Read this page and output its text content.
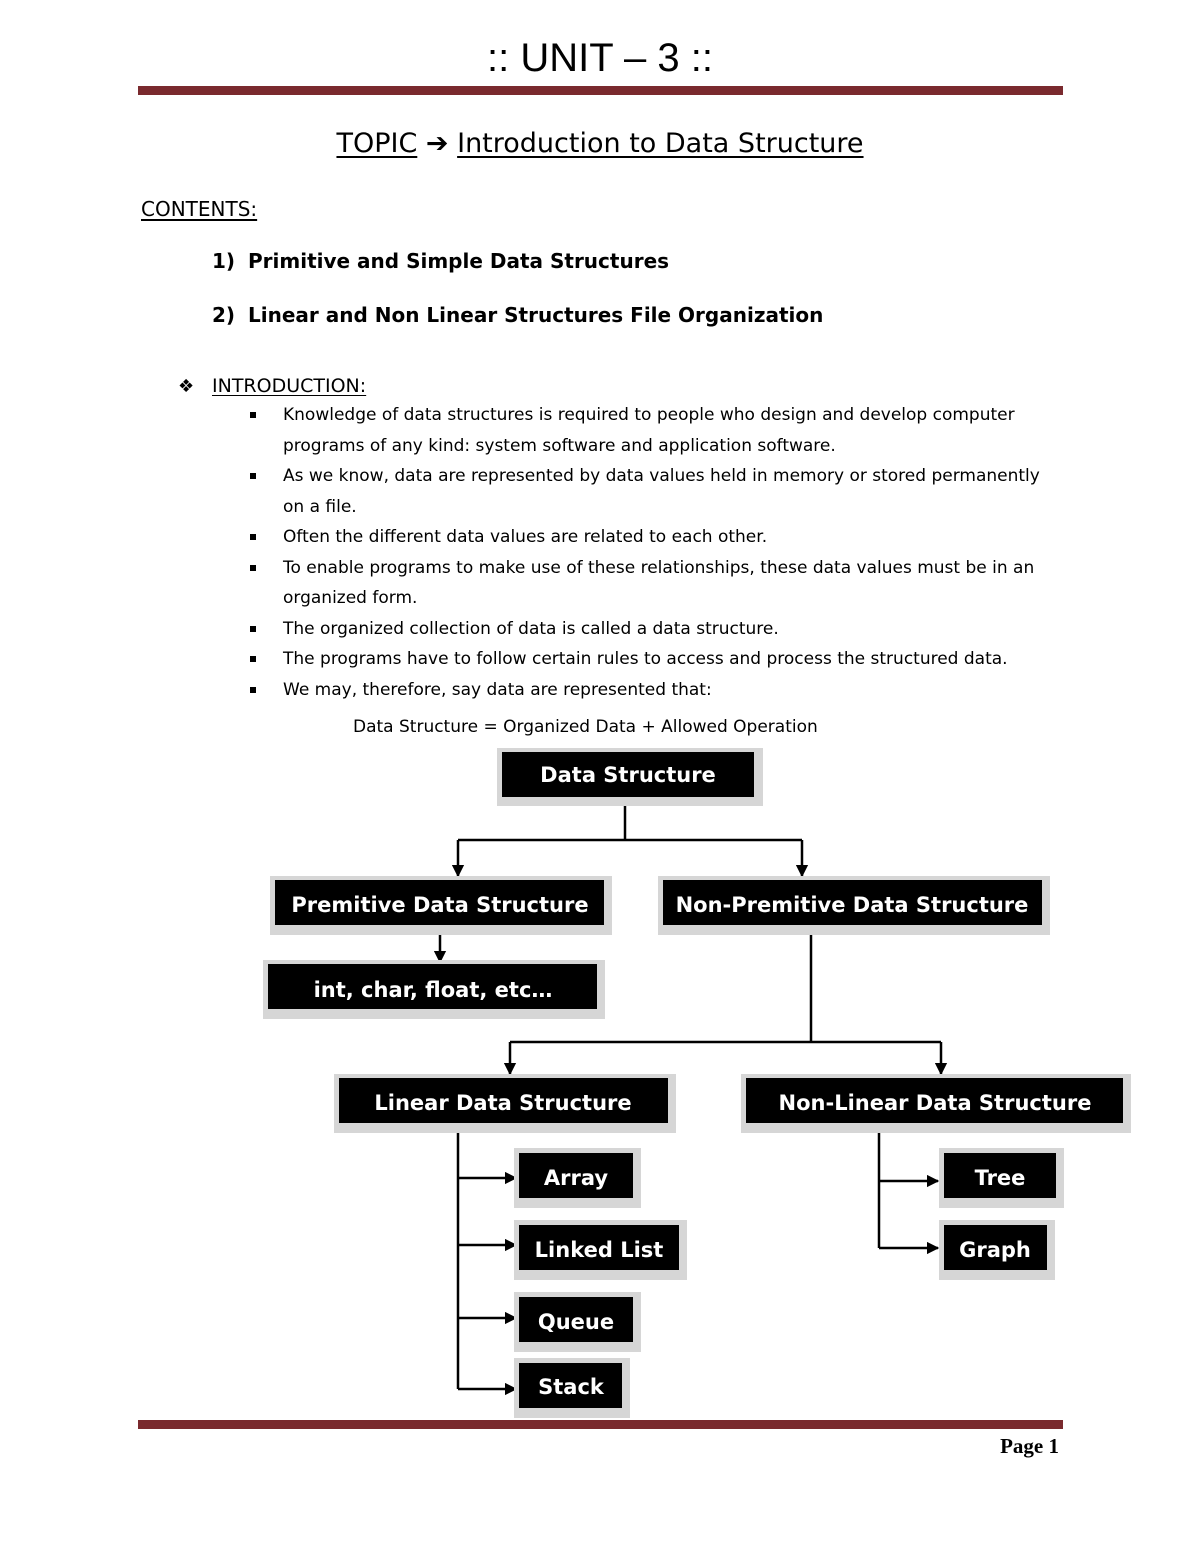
:: UNIT – 3 ::
TOPIC ➔ Introduction to Data Structure
CONTENTS:
1) Primitive and Simple Data Structures
2) Linear and Non Linear Structures File Organization
❖ INTRODUCTION:
Knowledge of data structures is required to people who design and develop computer programs of any kind: system software and application software.
As we know, data are represented by data values held in memory or stored permanently on a file.
Often the different data values are related to each other.
To enable programs to make use of these relationships, these data values must be in an organized form.
The organized collection of data is called a data structure.
The programs have to follow certain rules to access and process the structured data.
We may, therefore, say data are represented that:
Data Structure = Organized Data + Allowed Operation
Data Structure
Premitive Data Structure	Non-Premitive Data Structure
int, char, float, etc…
Linear Data Structure	Non-Linear Data Structure
Array
Linked List
Queue
Stack
Tree
Graph
Page 1
